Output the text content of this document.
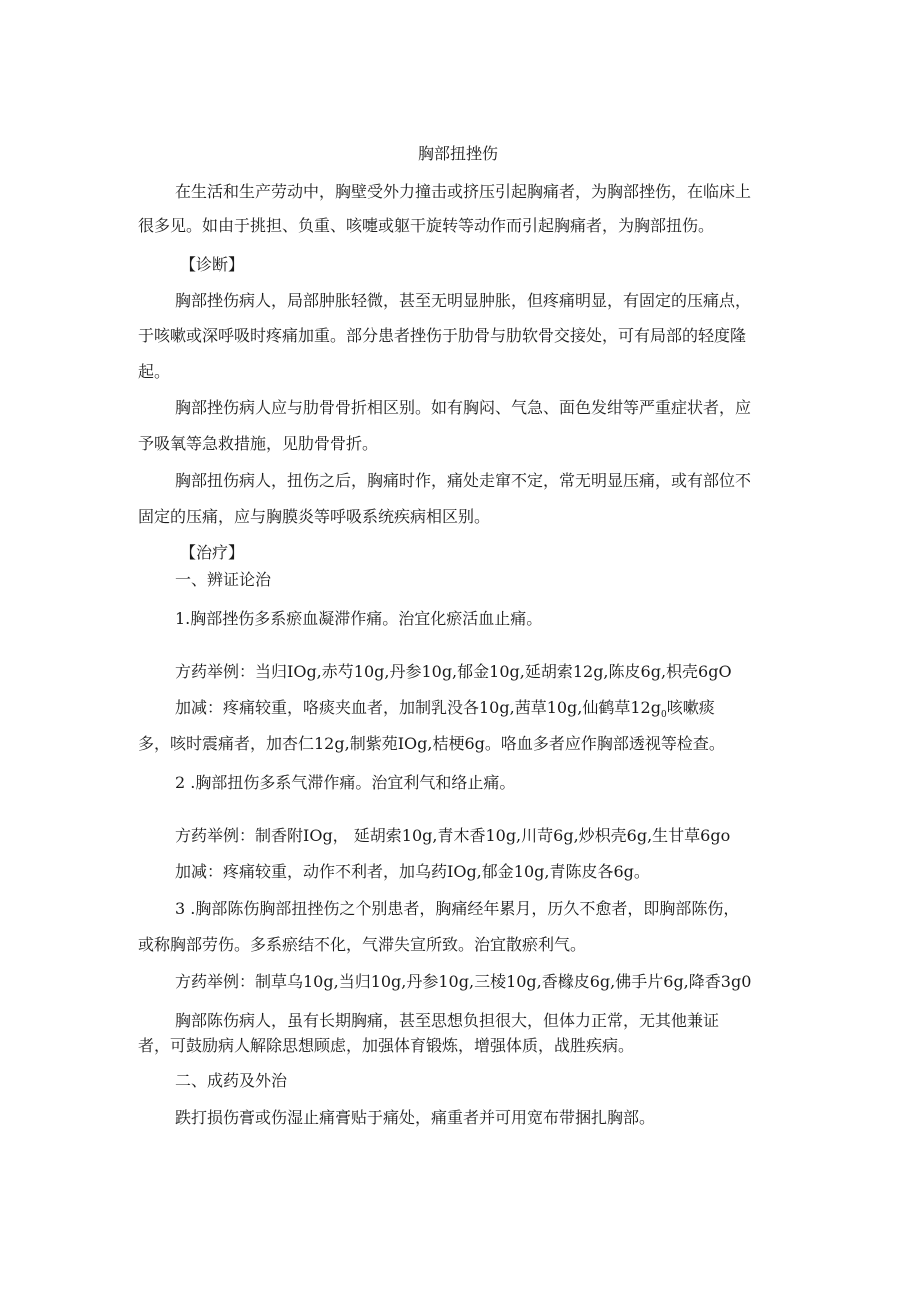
胸部扭挫伤

在生活和生产劳动中，胸壁受外力撞击或挤压引起胸痛者，为胸部挫伤，在临床上

很多见。如由于挑担、负重、咳嚏或躯干旋转等动作而引起胸痛者，为胸部扭伤。

【诊断】

胸部挫伤病人，局部肿胀轻微，甚至无明显肿胀，但疼痛明显，有固定的压痛点，

于咳嗽或深呼吸时疼痛加重。部分患者挫伤于肋骨与肋软骨交接处，可有局部的轻度隆

起。

胸部挫伤病人应与肋骨骨折相区别。如有胸闷、气急、面色发绀等严重症状者，应

予吸氧等急救措施，见肋骨骨折。

胸部扭伤病人，扭伤之后，胸痛时作，痛处走窜不定，常无明显压痛，或有部位不

固定的压痛，应与胸膜炎等呼吸系统疾病相区别。

【治疗】

一、辨证论治

1.胸部挫伤多系瘀血凝滞作痛。治宜化瘀活血止痛。

方药举例：当归IOg,赤芍10g,丹参10g,郁金10g,延胡索12g,陈皮6g,枳壳6gO

加减：疼痛较重，咯痰夹血者，加制乳没各10g,茜草10g,仙鹤草$12g_0$咳嗽痰

多，咳时震痛者，加杏仁12g,制紫苑IOg,桔梗6g。咯血多者应作胸部透视等检查。

2 .胸部扭伤多系气滞作痛。治宜利气和络止痛。

方药举例：制香附IOg， 延胡索10g,青木香10g,川苛6g,炒枳壳6g,生甘草6go

加减：疼痛较重，动作不利者，加乌药IOg,郁金10g,青陈皮各6g。

3 .胸部陈伤胸部扭挫伤之个别患者，胸痛经年累月，历久不愈者，即胸部陈伤，

或称胸部劳伤。多系瘀结不化，气滞失宣所致。治宜散瘀利气。

方药举例：制草乌10g,当归10g,丹参10g,三棱10g,香橼皮6g,佛手片6g,降香3g0

胸部陈伤病人，虽有长期胸痛，甚至思想负担很大，但体力正常，无其他兼证

者，可鼓励病人解除思想顾虑，加强体育锻炼，增强体质，战胜疾病。

二、成药及外治

跌打损伤膏或伤湿止痛膏贴于痛处，痛重者并可用宽布带捆扎胸部。
